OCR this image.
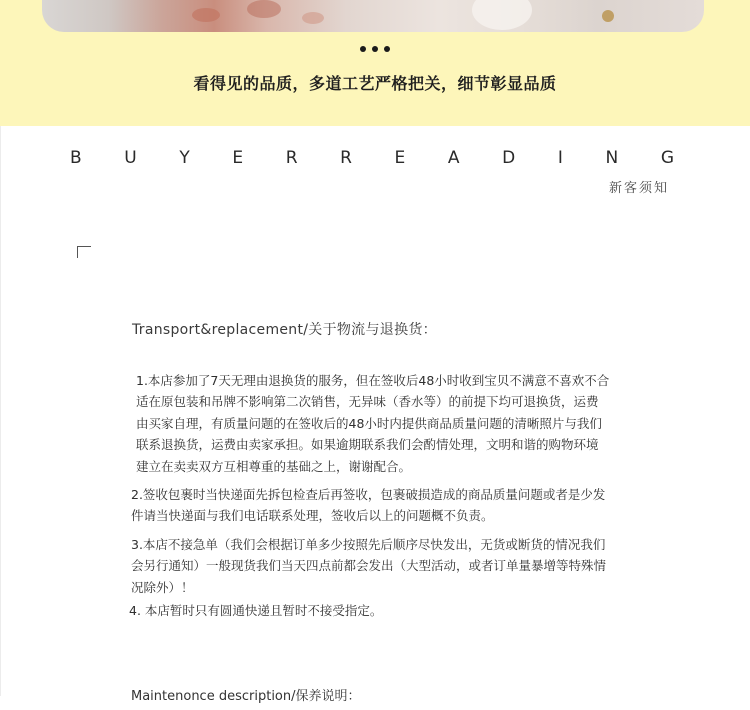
看得见的品质，多道工艺严格把关，细节彰显品质
B	U	Y	E	R	R	E	A	D	I	N	G
新客须知
Transport&replacement/关于物流与退换货：
1.本店参加了7天无理由退换货的服务，但在签收后48小时收到宝贝不满意不喜欢不合适在原包装和吊牌不影响第二次销售，无异味（香水等）的前提下均可退换货，运费由买家自理，有质量问题的在签收后的48小时内提供商品质量问题的清晰照片与我们联系退换货，运费由卖家承担。如果逾期联系我们会酌情处理，文明和谐的购物环境建立在卖卖双方互相尊重的基础之上，谢谢配合。
2.签收包裹时当快递面先拆包检查后再签收，包裹破损造成的商品质量问题或者是少发件请当快递面与我们电话联系处理，签收后以上的问题概不负责。
3.本店不接急单（我们会根据订单多少按照先后顺序尽快发出，无货或断货的情况我们会另行通知）一般现货我们当天四点前都会发出（大型活动，或者订单量暴增等特殊情况除外）！
4. 本店暂时只有圆通快递且暂时不接受指定。
Maintenonce description/保养说明：
